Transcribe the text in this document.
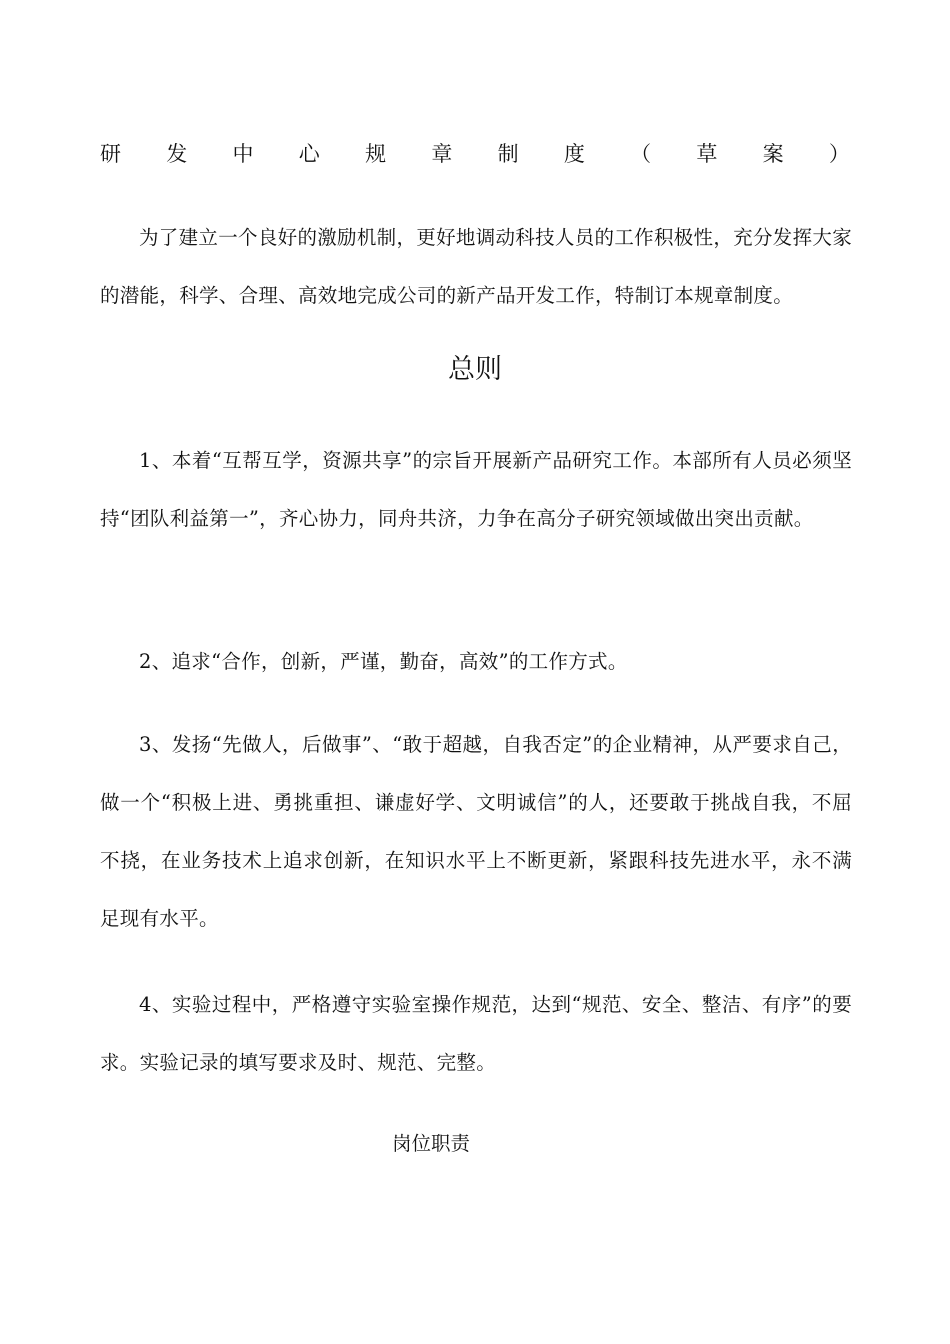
研 发 中 心 规 章 制 度 （ 草 案 ）

为了建立一个良好的激励机制，更好地调动科技人员的工作积极性，充分发挥大家的潜能，科学、合理、高效地完成公司的新产品开发工作，特制订本规章制度。

总则

1、本着“互帮互学，资源共享”的宗旨开展新产品研究工作。本部所有人员必须坚持“团队利益第一”，齐心协力，同舟共济，力争在高分子研究领域做出突出贡献。

2、追求“合作，创新，严谨，勤奋，高效”的工作方式。

3、发扬“先做人，后做事”、“敢于超越，自我否定”的企业精神，从严要求自己，做一个“积极上进、勇挑重担、谦虚好学、文明诚信”的人，还要敢于挑战自我，不屈不挠，在业务技术上追求创新，在知识水平上不断更新，紧跟科技先进水平，永不满足现有水平。

4、实验过程中，严格遵守实验室操作规范，达到“规范、安全、整洁、有序”的要求。实验记录的填写要求及时、规范、完整。

岗位职责
